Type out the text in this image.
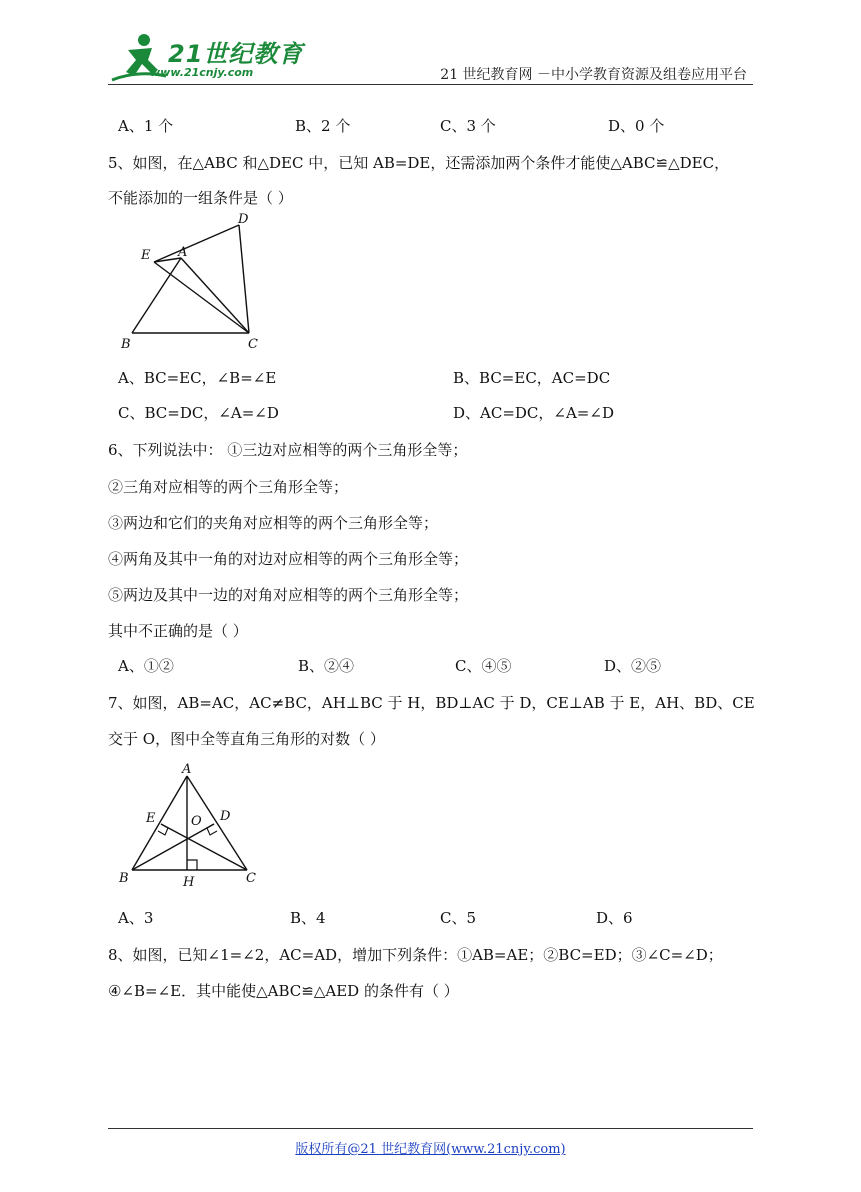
21世纪教育
www.21cnjy.com	21 世纪教育网 －中小学教育资源及组卷应用平台
A、1 个	B、2 个	C、3 个	D、0 个
5、如图，在△ABC 和△DEC 中，已知 AB=DE，还需添加两个条件才能使△ABC≌△DEC，
不能添加的一组条件是（ ）
E A
D
B	C
A、BC=EC，∠B=∠E	B、BC=EC，AC=DC
C、BC=DC，∠A=∠D	D、AC=DC，∠A=∠D
6、下列说法中： ①三边对应相等的两个三角形全等；
②三角对应相等的两个三角形全等；
③两边和它们的夹角对应相等的两个三角形全等；
④两角及其中一角的对边对应相等的两个三角形全等；
⑤两边及其中一边的对角对应相等的两个三角形全等；
其中不正确的是（ ）
A、①②	B、②④	C、④⑤	D、②⑤
7、如图，AB=AC，AC≠BC，AH⊥BC 于 H，BD⊥AC 于 D，CE⊥AB 于 E，AH、BD、CE
交于 O，图中全等直角三角形的对数（ ）
A
E	O D
B	H	C
A、3	B、4	C、5	D、6
8、如图，已知∠1=∠2，AC=AD，增加下列条件：①AB=AE；②BC=ED；③∠C=∠D；
④∠B=∠E．其中能使△ABC≌△AED 的条件有（ ）
版权所有@21 世纪教育网(www.21cnjy.com)
